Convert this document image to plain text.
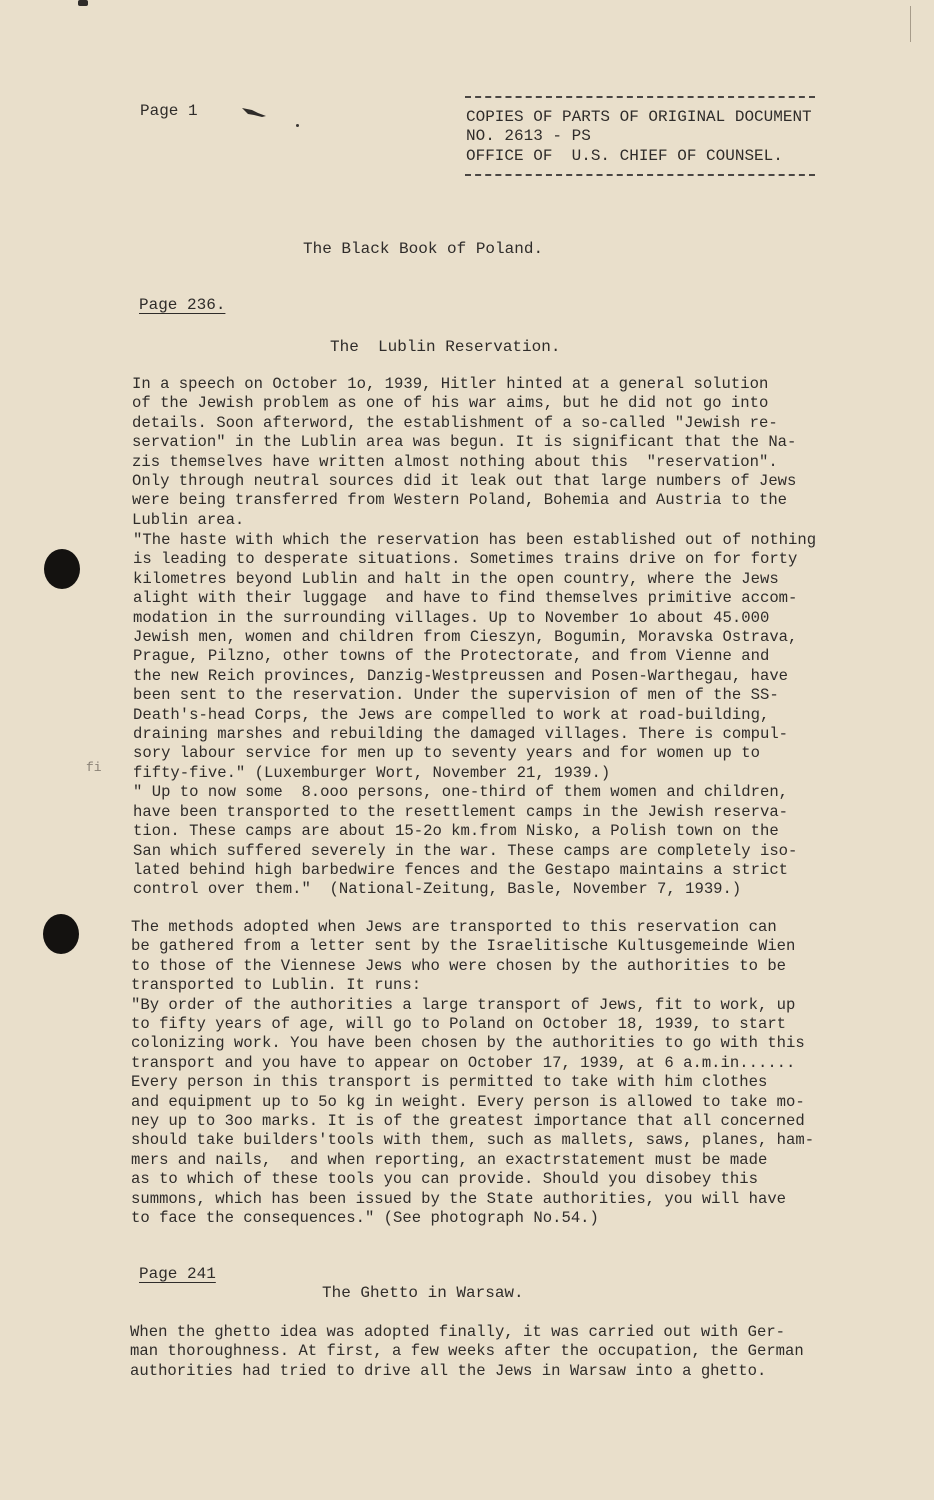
Page 1	COPIES OF PARTS OF ORIGINAL DOCUMENT
NO. 2613 - PS
OFFICE OF  U.S. CHIEF OF COUNSEL.
The Black Book of Poland.
Page 236.
The  Lublin Reservation.
In a speech on October 1o, 1939, Hitler hinted at a general solution
of the Jewish problem as one of his war aims, but he did not go into
details. Soon afterword, the establishment of a so-called "Jewish re-
servation" in the Lublin area was begun. It is significant that the Na-
zis themselves have written almost nothing about this  "reservation".
Only through neutral sources did it leak out that large numbers of Jews
were being transferred from Western Poland, Bohemia and Austria to the
Lublin area.
"The haste with which the reservation has been established out of nothing
is leading to desperate situations. Sometimes trains drive on for forty
kilometres beyond Lublin and halt in the open country, where the Jews
alight with their luggage  and have to find themselves primitive accom-
modation in the surrounding villages. Up to November 1o about 45.000
Jewish men, women and children from Cieszyn, Bogumin, Moravska Ostrava,
Prague, Pilzno, other towns of the Protectorate, and from Vienne and
the new Reich provinces, Danzig-Westpreussen and Posen-Warthegau, have
been sent to the reservation. Under the supervision of men of the SS-
Death's-head Corps, the Jews are compelled to work at road-building,
draining marshes and rebuilding the damaged villages. There is compul-
sory labour service for men up to seventy years and for women up to
fifty-five." (Luxemburger Wort, November 21, 1939.)
" Up to now some  8.ooo persons, one-third of them women and children,
have been transported to the resettlement camps in the Jewish reserva-
tion. These camps are about 15-2o km.from Nisko, a Polish town on the
San which suffered severely in the war. These camps are completely iso-
lated behind high barbedwire fences and the Gestapo maintains a strict
control over them."  (National-Zeitung, Basle, November 7, 1939.)
fi
The methods adopted when Jews are transported to this reservation can
be gathered from a letter sent by the Israelitische Kultusgemeinde Wien
to those of the Viennese Jews who were chosen by the authorities to be
transported to Lublin. It runs:
"By order of the authorities a large transport of Jews, fit to work, up
to fifty years of age, will go to Poland on October 18, 1939, to start
colonizing work. You have been chosen by the authorities to go with this
transport and you have to appear on October 17, 1939, at 6 a.m.in......
Every person in this transport is permitted to take with him clothes
and equipment up to 5o kg in weight. Every person is allowed to take mo-
ney up to 3oo marks. It is of the greatest importance that all concerned
should take builders'tools with them, such as mallets, saws, planes, ham-
mers and nails,  and when reporting, an exactrstatement must be made
as to which of these tools you can provide. Should you disobey this
summons, which has been issued by the State authorities, you will have
to face the consequences." (See photograph No.54.)
Page 241
The Ghetto in Warsaw.
When the ghetto idea was adopted finally, it was carried out with Ger-
man thoroughness. At first, a few weeks after the occupation, the German
authorities had tried to drive all the Jews in Warsaw into a ghetto.
